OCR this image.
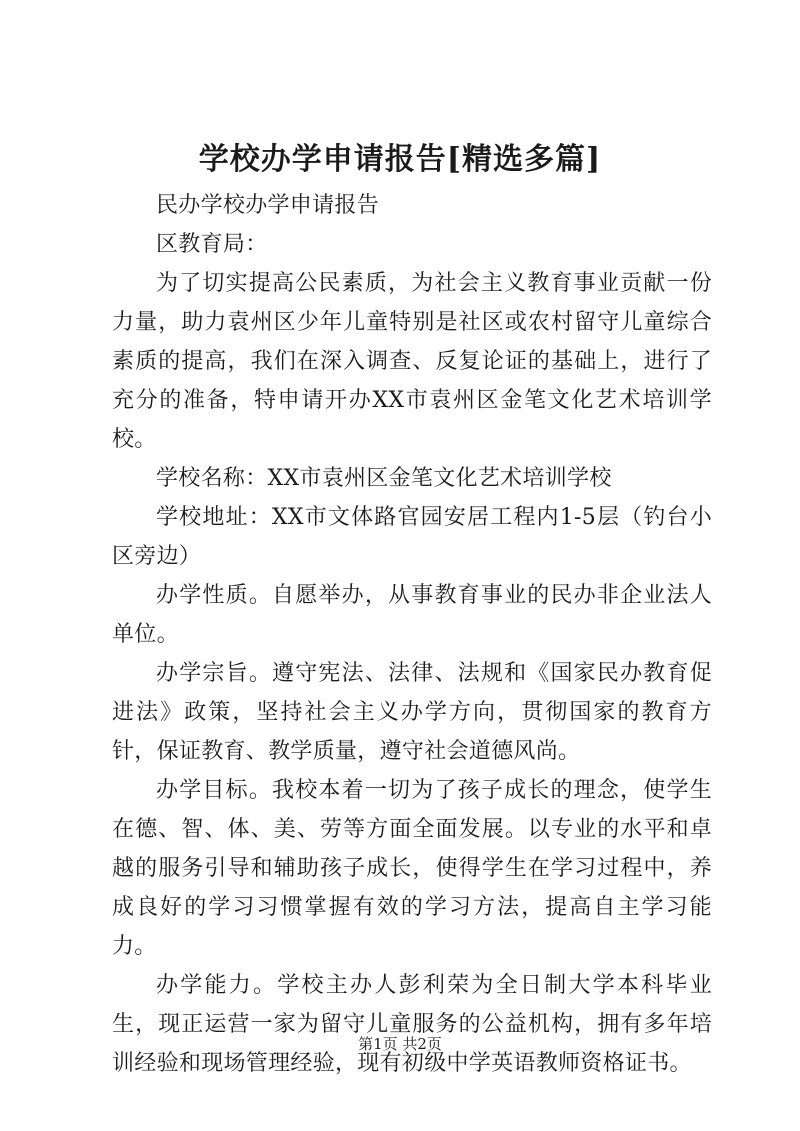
学校办学申请报告[精选多篇]

民办学校办学申请报告

区教育局：

为了切实提高公民素质，为社会主义教育事业贡献一份力量，助力袁州区少年儿童特别是社区或农村留守儿童综合素质的提高，我们在深入调查、反复论证的基础上，进行了充分的准备，特申请开办XX市袁州区金笔文化艺术培训学校。

学校名称：XX市袁州区金笔文化艺术培训学校

学校地址：XX市文体路官园安居工程内1-5层（钓台小区旁边）

办学性质。自愿举办，从事教育事业的民办非企业法人单位。

办学宗旨。遵守宪法、法律、法规和《国家民办教育促进法》政策，坚持社会主义办学方向，贯彻国家的教育方针，保证教育、教学质量，遵守社会道德风尚。

办学目标。我校本着一切为了孩子成长的理念，使学生在德、智、体、美、劳等方面全面发展。以专业的水平和卓越的服务引导和辅助孩子成长，使得学生在学习过程中，养成良好的学习习惯掌握有效的学习方法，提高自主学习能力。

办学能力。学校主办人彭利荣为全日制大学本科毕业生，现正运营一家为留守儿童服务的公益机构，拥有多年培训经验和现场管理经验，现有初级中学英语教师资格证书。

第1页 共2页
